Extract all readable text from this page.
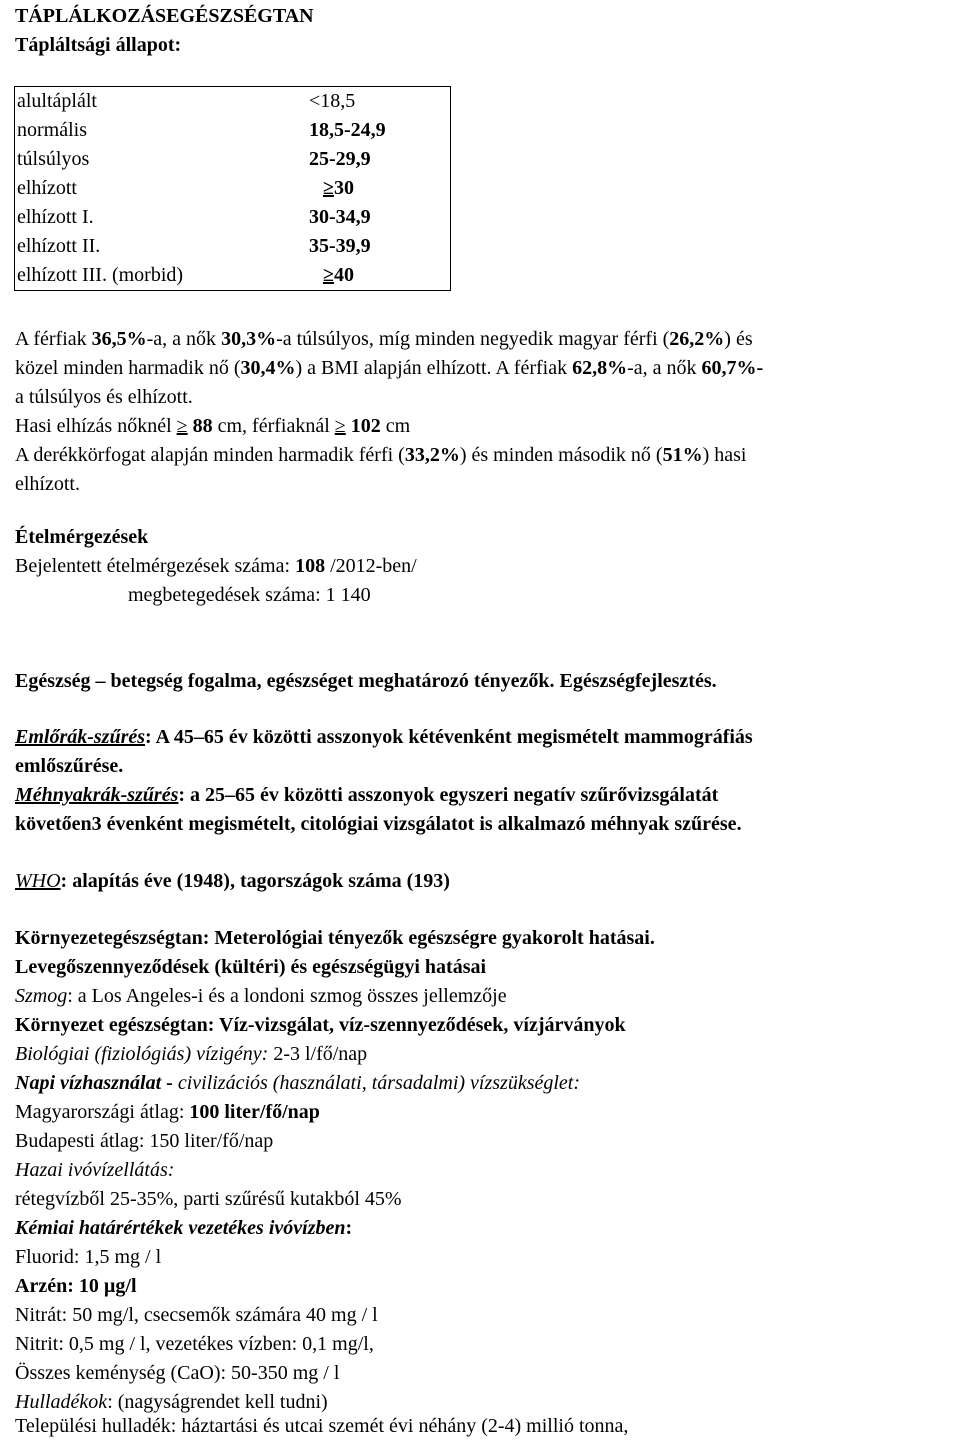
TÁPLÁLKOZÁSEGÉSZSÉGTAN
Tápláltsági állapot:
alultáplált	<18,5
normális	18,5-24,9
túlsúlyos	25-29,9
elhízott	≥30
elhízott I.	30-34,9
elhízott II.	35-39,9
elhízott III. (morbid)	≥40
A férfiak 36,5%-a, a nők 30,3%-a túlsúlyos, míg minden negyedik magyar férfi (26,2%) és
közel minden harmadik nő (30,4%) a BMI alapján elhízott. A férfiak 62,8%-a, a nők 60,7%-
a túlsúlyos és elhízott.
Hasi elhízás nőknél ≥ 88 cm, férfiaknál ≥ 102 cm
A derékkörfogat alapján minden harmadik férfi (33,2%) és minden második nő (51%) hasi
elhízott.
Ételmérgezések
Bejelentett ételmérgezések száma: 108 /2012-ben/
megbetegedések száma: 1 140
Egészség – betegség fogalma, egészséget meghatározó tényezők. Egészségfejlesztés.
Emlőrák-szűrés: A 45–65 év közötti asszonyok kétévenként megismételt mammográfiás
emlőszűrése.
Méhnyakrák-szűrés: a 25–65 év közötti asszonyok egyszeri negatív szűrővizsgálatát
követően3 évenként megismételt, citológiai vizsgálatot is alkalmazó méhnyak szűrése.
WHO: alapítás éve (1948), tagországok száma (193)
Környezetegészségtan: Meterológiai tényezők egészségre gyakorolt hatásai.
Levegőszennyeződések (kültéri) és egészségügyi hatásai
Szmog: a Los Angeles-i és a londoni szmog összes jellemzője
Környezet egészségtan: Víz-vizsgálat, víz-szennyeződések, vízjárványok
Biológiai (fiziológiás) vízigény: 2-3 l/fő/nap
Napi vízhasználat - civilizációs (használati, társadalmi) vízszükséglet:
Magyarországi átlag: 100 liter/fő/nap
Budapesti átlag: 150 liter/fő/nap
Hazai ivóvízellátás:
rétegvízből 25-35%, parti szűrésű kutakból 45%
Kémiai határértékek vezetékes ivóvízben:
Fluorid: 1,5 mg / l
Arzén: 10 µg/l
Nitrát: 50 mg/l, csecsemők számára 40 mg / l
Nitrit: 0,5 mg / l, vezetékes vízben: 0,1 mg/l,
Összes keménység (CaO): 50-350 mg / l
Hulladékok: (nagyságrendet kell tudni)
Települési hulladék: háztartási és utcai szemét évi néhány (2-4) millió tonna,
